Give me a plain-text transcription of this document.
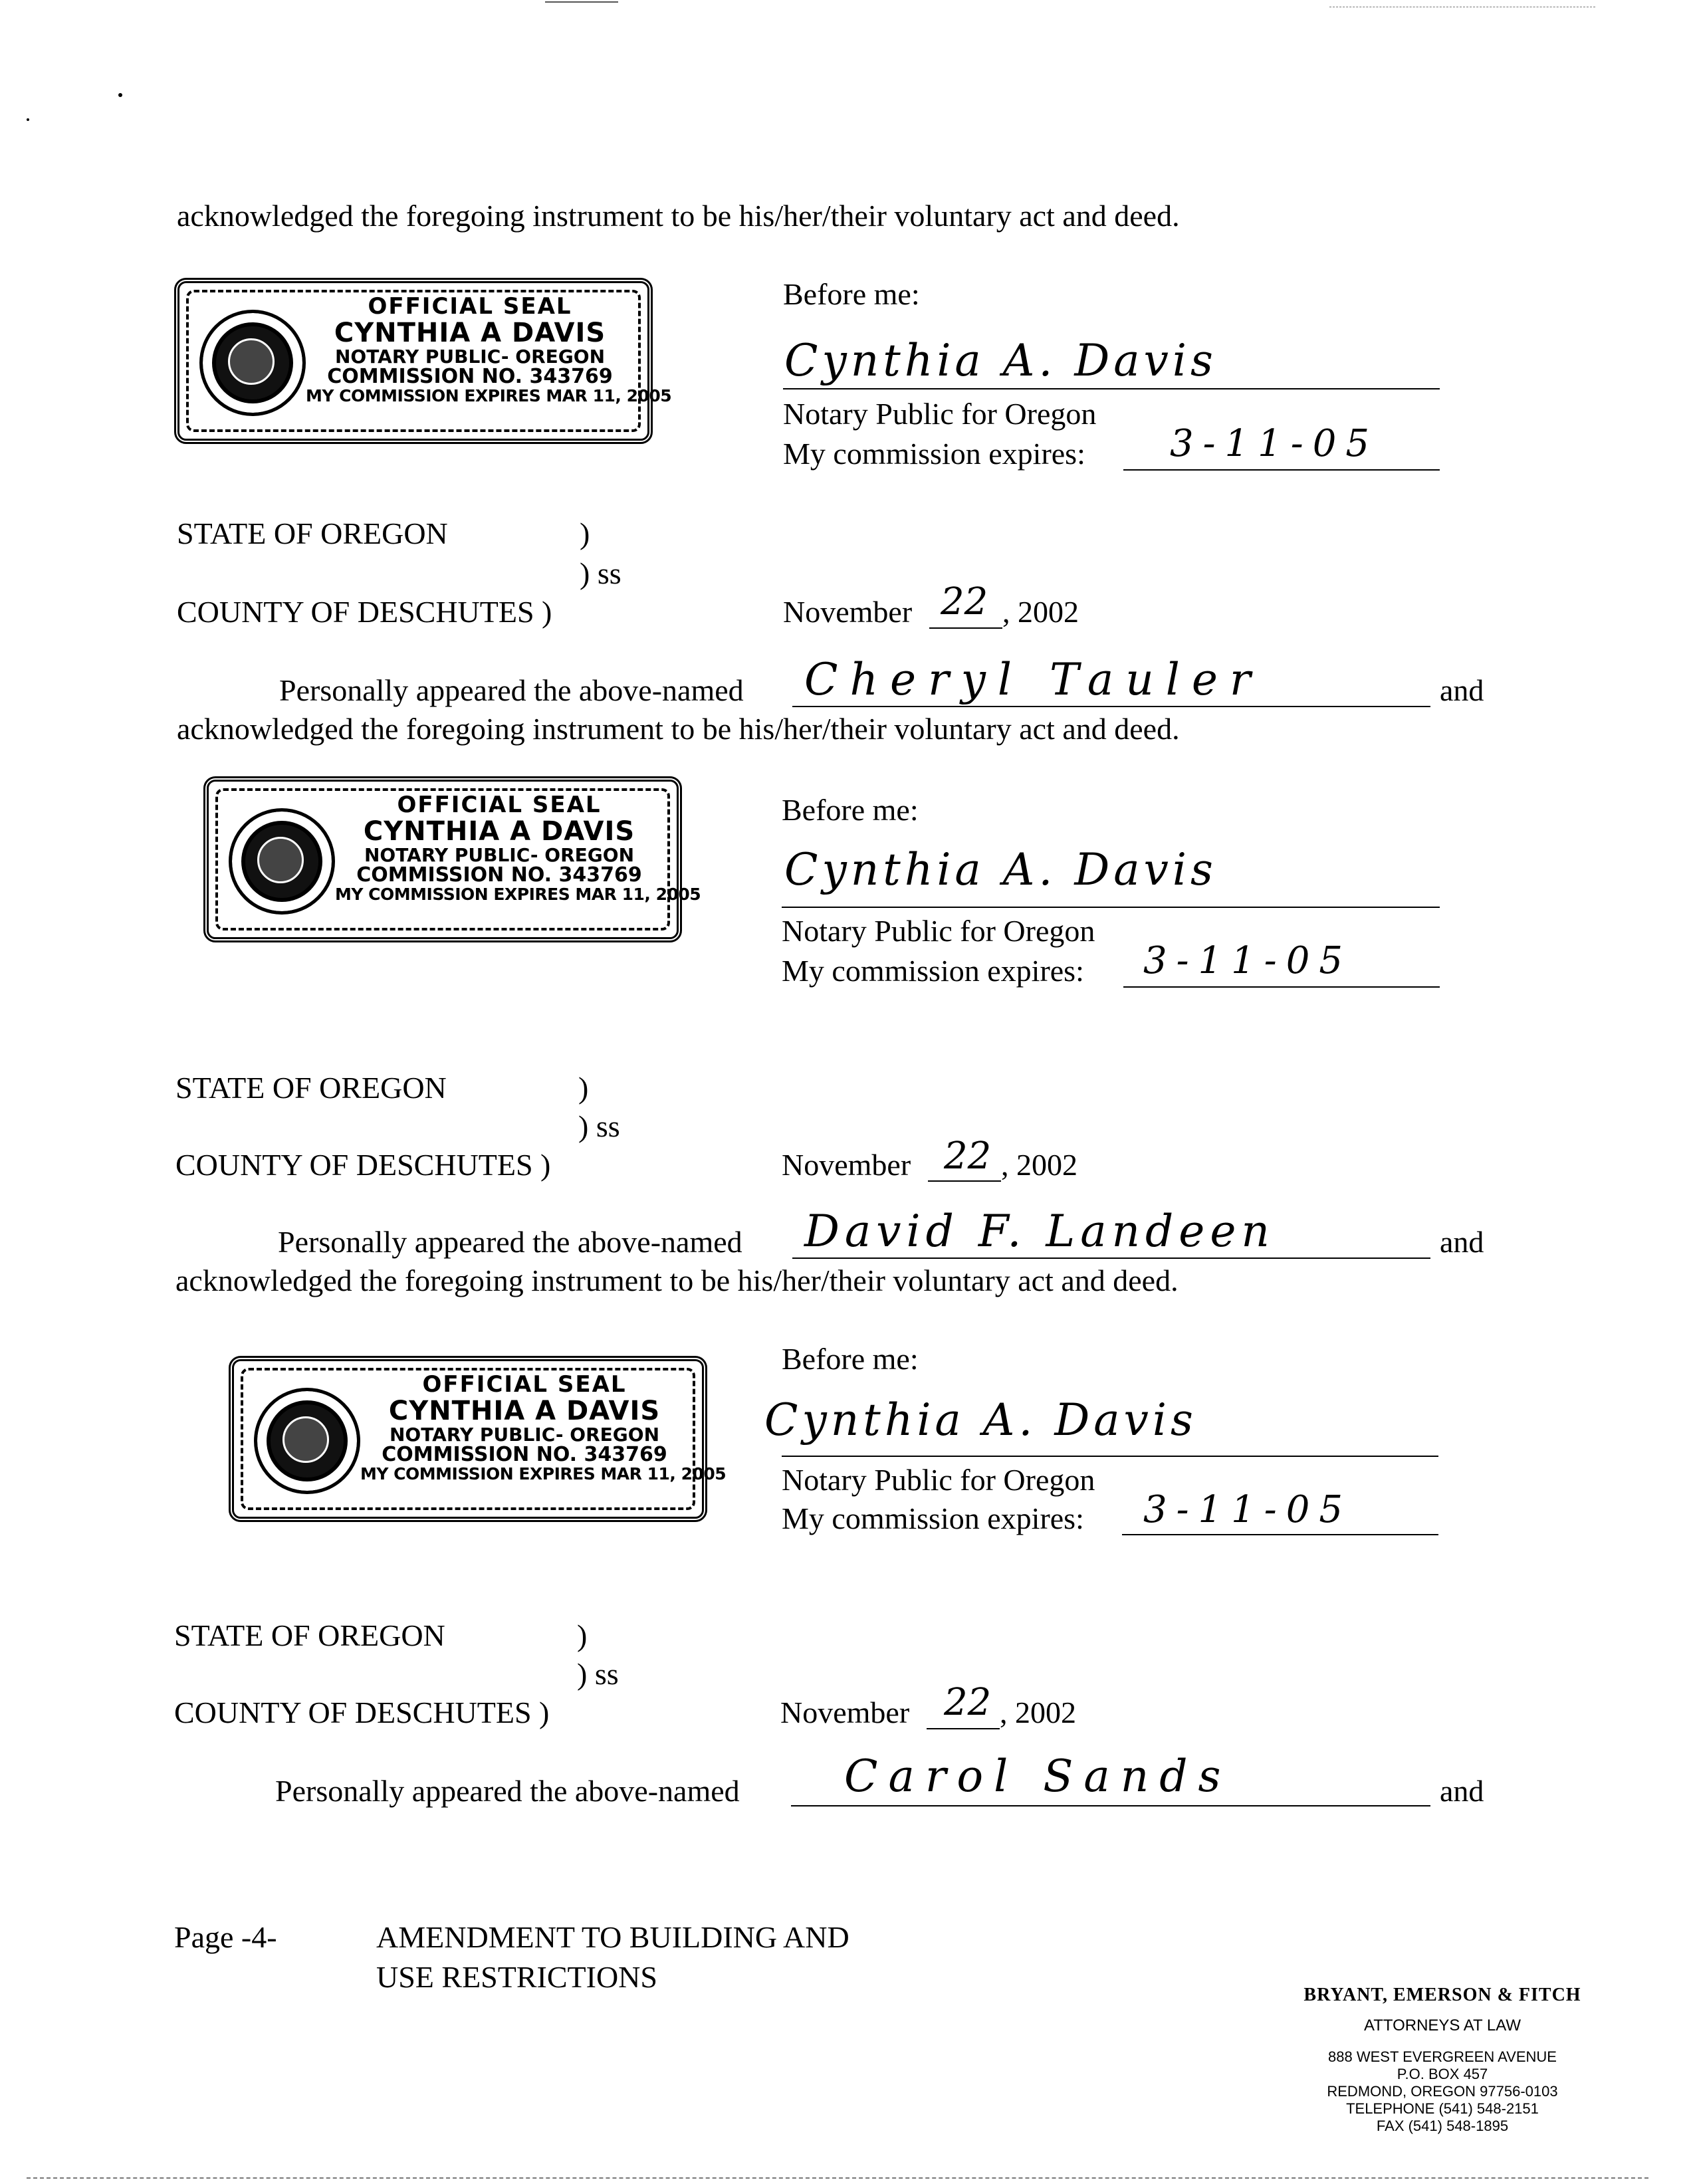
acknowledged the foregoing instrument to be his/her/their voluntary act and deed.
OFFICIAL SEAL
CYNTHIA A DAVIS
NOTARY PUBLIC- OREGON
COMMISSION NO. 343769
MY COMMISSION EXPIRES MAR 11, 2005
Before me:
Cynthia A. Davis
Notary Public for Oregon
My commission expires: 3-11-05
STATE OF OREGON	)
) ss
COUNTY OF DESCHUTES )	November 22 , 2002
Personally appeared the above-named Cheryl Tauler	and
acknowledged the foregoing instrument to be his/her/their voluntary act and deed.
OFFICIAL SEAL
CYNTHIA A DAVIS
NOTARY PUBLIC- OREGON
COMMISSION NO. 343769
MY COMMISSION EXPIRES MAR 11, 2005
Before me:
Cynthia A. Davis
Notary Public for Oregon
My commission expires: 3-11-05
STATE OF OREGON	)
) ss
COUNTY OF DESCHUTES )	November 22 , 2002
Personally appeared the above-named David F. Landeen	and
acknowledged the foregoing instrument to be his/her/their voluntary act and deed.
OFFICIAL SEAL
CYNTHIA A DAVIS
NOTARY PUBLIC- OREGON
COMMISSION NO. 343769
MY COMMISSION EXPIRES MAR 11, 2005
Before me:
Cynthia A. Davis
Notary Public for Oregon
My commission expires: 3-11-05
STATE OF OREGON	)
) ss
COUNTY OF DESCHUTES )	November 22 , 2002
Personally appeared the above-named Carol Sands	and
Page -4-	AMENDMENT TO BUILDING AND
USE RESTRICTIONS
BRYANT, EMERSON & FITCH
ATTORNEYS AT LAW
888 WEST EVERGREEN AVENUE
P.O. BOX 457
REDMOND, OREGON 97756-0103
TELEPHONE (541) 548-2151
FAX (541) 548-1895
